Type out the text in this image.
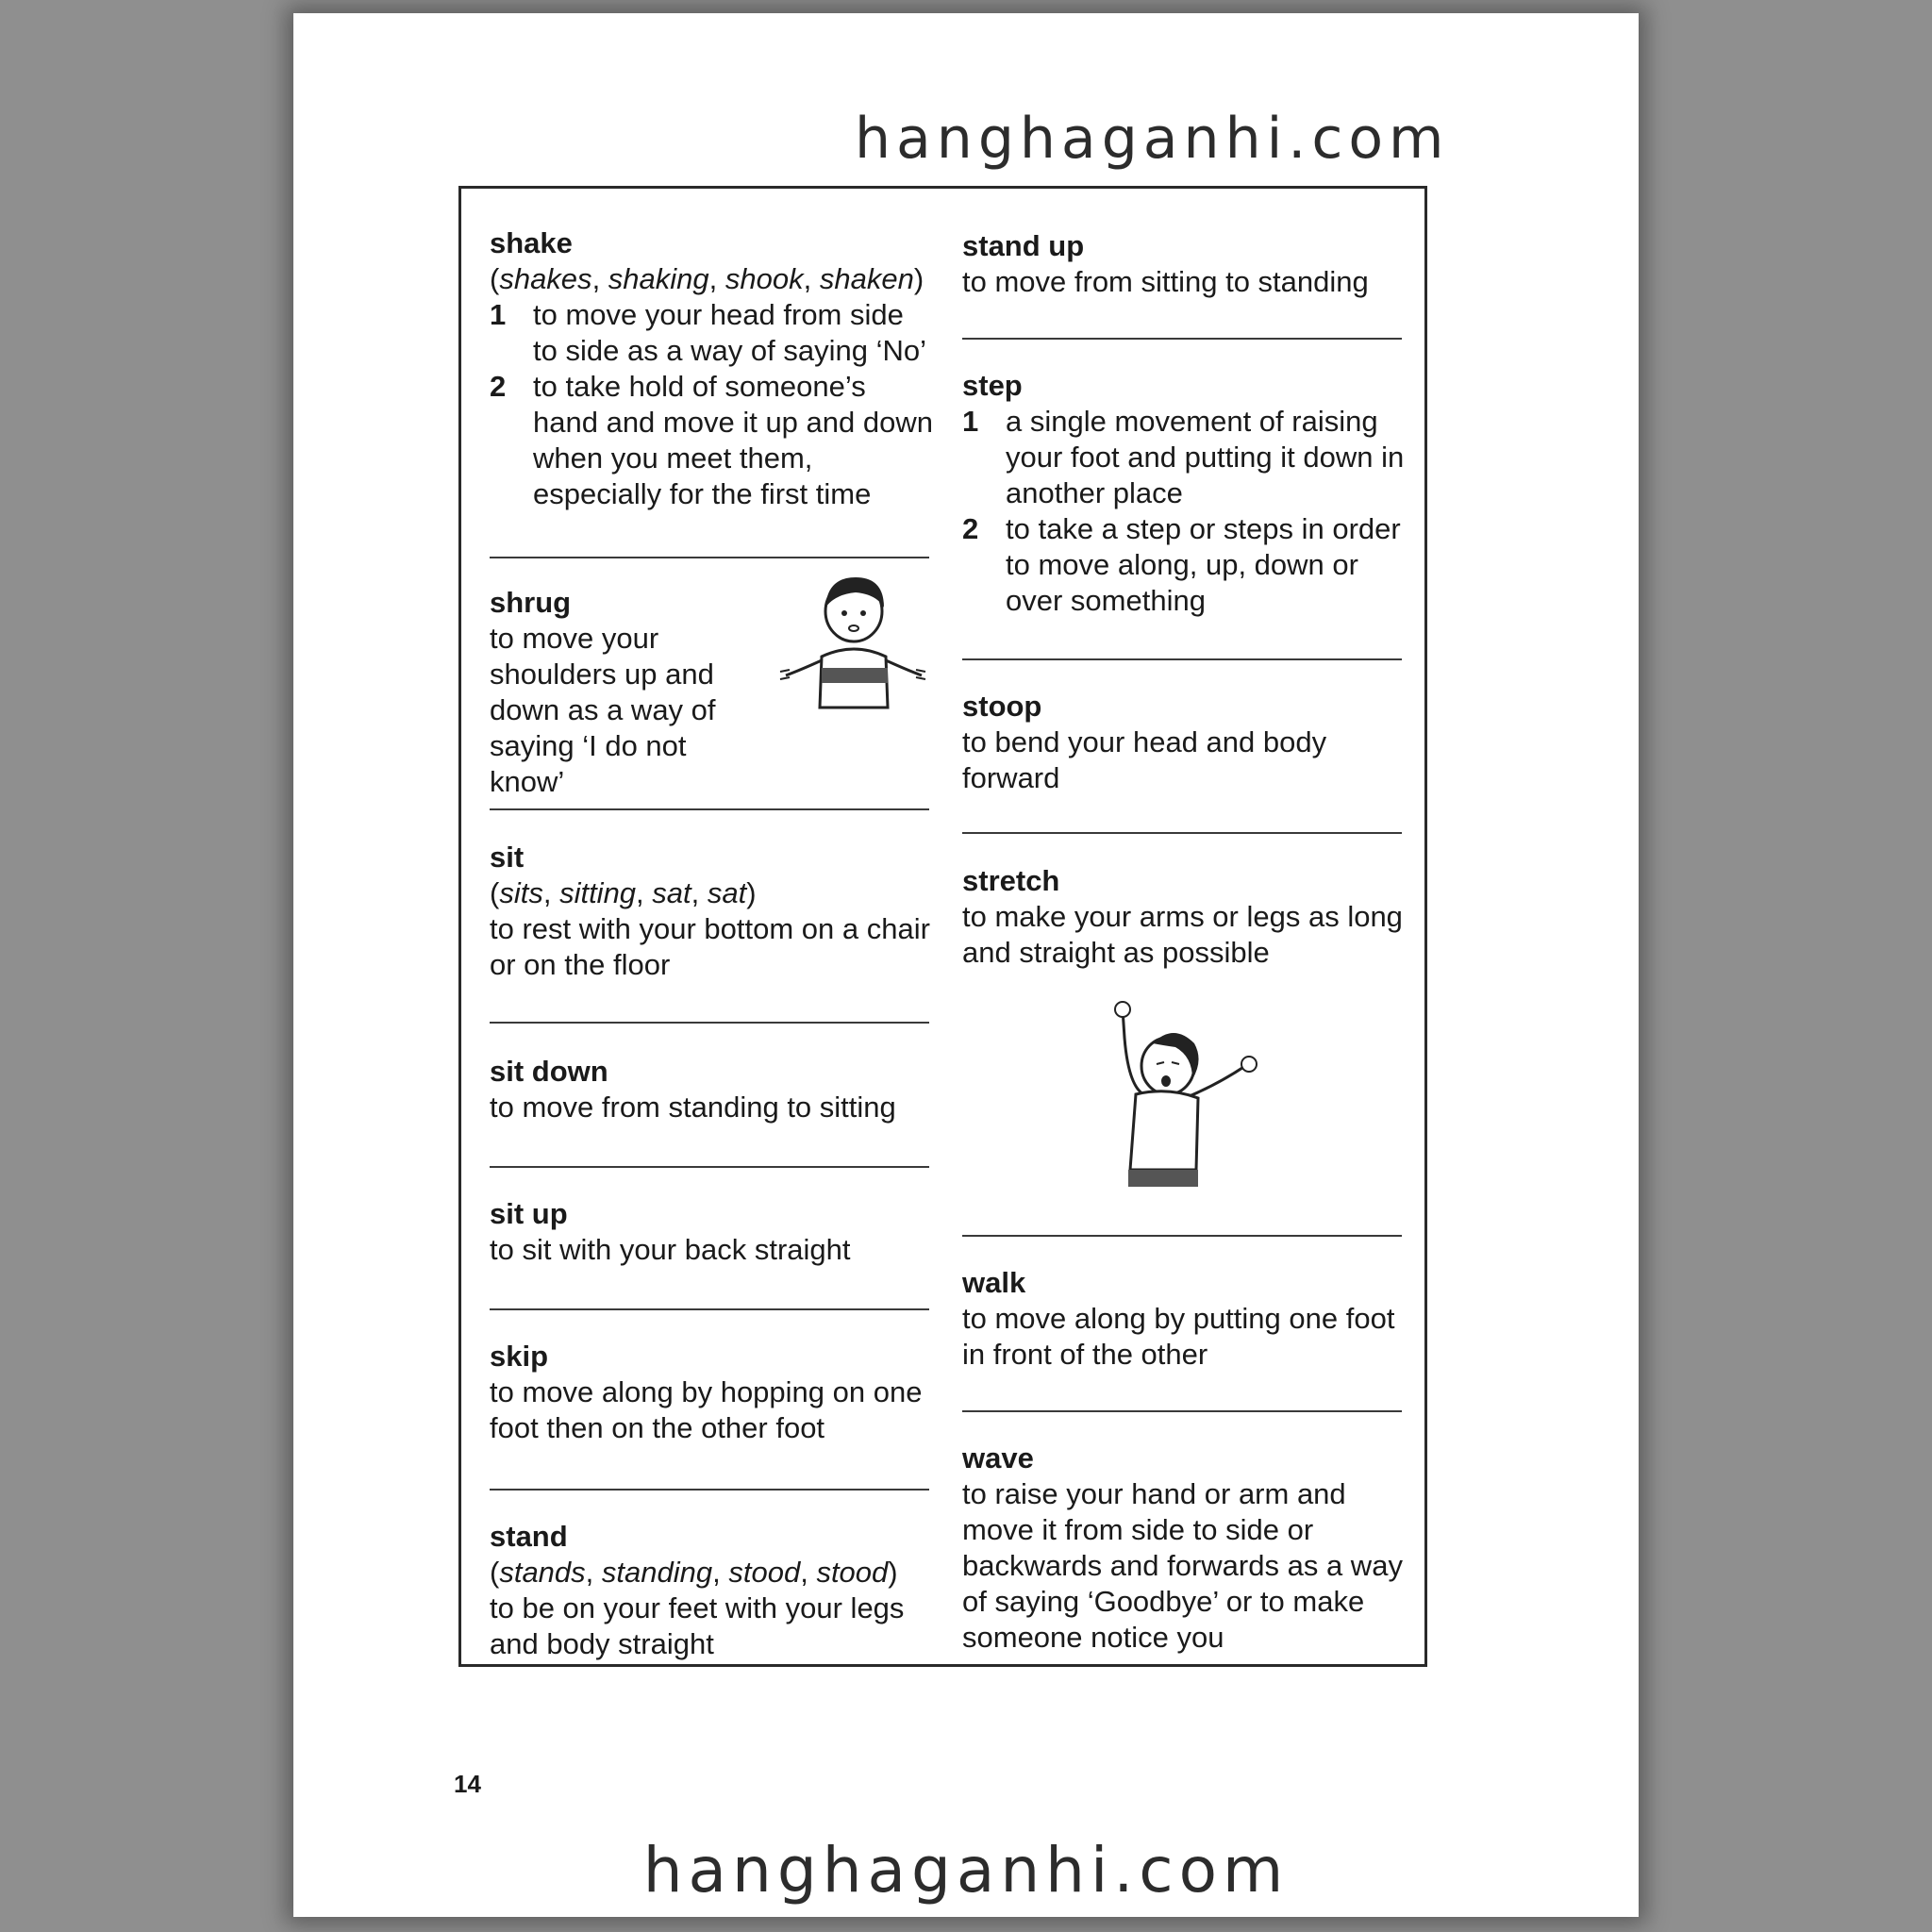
hanghaganhi.com
shake
(shakes, shaking, shook, shaken)
1 to move your head from side to side as a way of saying ‘No’
2 to take hold of someone’s hand and move it up and down when you meet them, especially for the first time
shrug
to move your shoulders up and down as a way of saying ‘I do not know’
sit
(sits, sitting, sat, sat)
to rest with your bottom on a chair or on the floor
sit down
to move from standing to sitting
sit up
to sit with your back straight
skip
to move along by hopping on one foot then on the other foot
stand
(stands, standing, stood, stood)
to be on your feet with your legs and body straight
stand up
to move from sitting to standing
step
1 a single movement of raising your foot and putting it down in another place
2 to take a step or steps in order to move along, up, down or over something
stoop
to bend your head and body forward
stretch
to make your arms or legs as long and straight as possible
walk
to move along by putting one foot in front of the other
wave
to raise your hand or arm and move it from side to side or backwards and forwards as a way of saying ‘Goodbye’ or to make someone notice you
14
hanghaganhi.com
